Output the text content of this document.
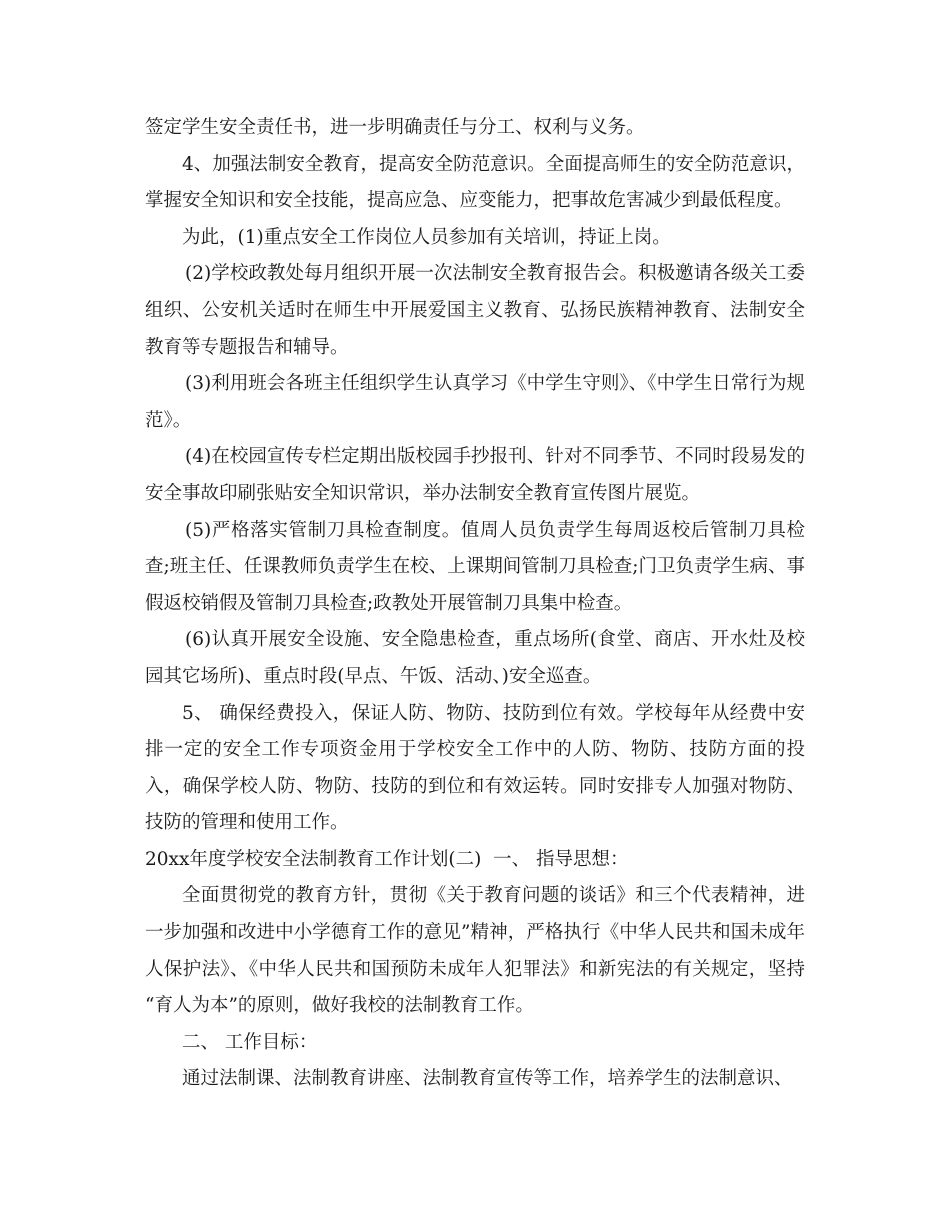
签定学生安全责任书，进一步明确责任与分工、权利与义务。

4、加强法制安全教育，提高安全防范意识。全面提高师生的安全防范意识，掌握安全知识和安全技能，提高应急、应变能力，把事故危害减少到最低程度。

为此，(1)重点安全工作岗位人员参加有关培训，持证上岗。

(2)学校政教处每月组织开展一次法制安全教育报告会。积极邀请各级关工委组织、公安机关适时在师生中开展爱国主义教育、弘扬民族精神教育、法制安全教育等专题报告和辅导。

(3)利用班会各班主任组织学生认真学习《中学生守则》、《中学生日常行为规范》。

(4)在校园宣传专栏定期出版校园手抄报刊、针对不同季节、不同时段易发的安全事故印刷张贴安全知识常识，举办法制安全教育宣传图片展览。

(5)严格落实管制刀具检查制度。值周人员负责学生每周返校后管制刀具检查;班主任、任课教师负责学生在校、上课期间管制刀具检查;门卫负责学生病、事假返校销假及管制刀具检查;政教处开展管制刀具集中检查。

(6)认真开展安全设施、安全隐患检查，重点场所(食堂、商店、开水灶及校园其它场所)、重点时段(早点、午饭、活动、)安全巡查。

5、 确保经费投入，保证人防、物防、技防到位有效。学校每年从经费中安排一定的安全工作专项资金用于学校安全工作中的人防、物防、技防方面的投入，确保学校人防、物防、技防的到位和有效运转。同时安排专人加强对物防、技防的管理和使用工作。

20xx年度学校安全法制教育工作计划(二)  一、 指导思想：

全面贯彻党的教育方针，贯彻《关于教育问题的谈话》和三个代表精神，进一步加强和改进中小学德育工作的意见”精神，严格执行《中华人民共和国未成年人保护法》、《中华人民共和国预防未成年人犯罪法》和新宪法的有关规定，坚持 “育人为本”的原则，做好我校的法制教育工作。

二、 工作目标：

通过法制课、法制教育讲座、法制教育宣传等工作，培养学生的法制意识、
